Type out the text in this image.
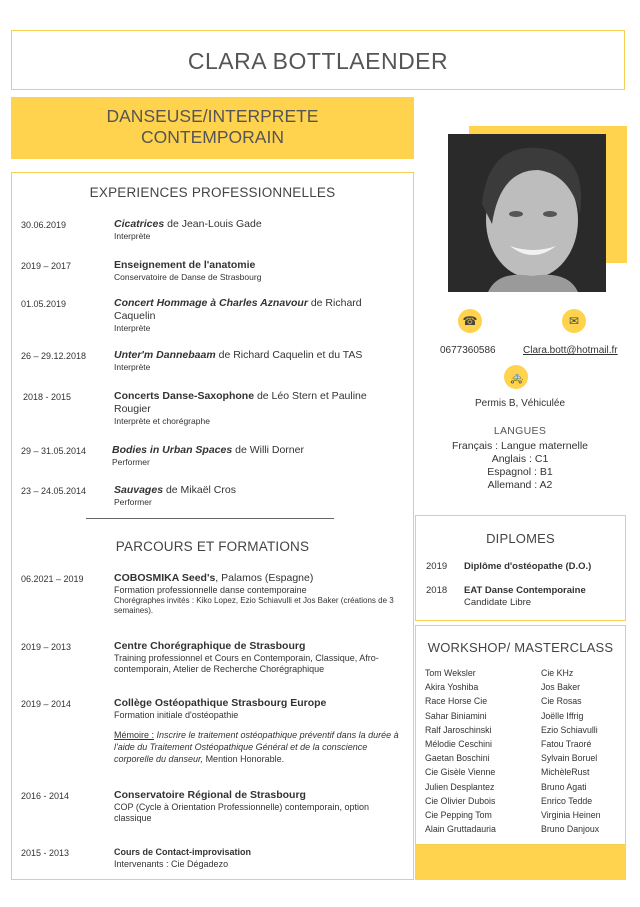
CLARA BOTTLAENDER
DANSEUSE/INTERPRETE
CONTEMPORAIN
EXPERIENCES PROFESSIONNELLES
30.06.2019	Cicatrices de Jean-Louis Gade
Interprète
2019 – 2017	Enseignement de l'anatomie
Conservatoire de Danse de Strasbourg
01.05.2019	Concert Hommage à Charles Aznavour de Richard Caquelin
Interprète
26 – 29.12.2018	Unter'm Dannebaam de Richard Caquelin et du TAS
Interprète
2018 - 2015	Concerts Danse-Saxophone de Léo Stern et Pauline Rougier
Interprète et chorégraphe
29 – 31.05.2014 Bodies in Urban Spaces de Willi Dorner
Performer
23 – 24.05.2014	Sauvages de Mikaël Cros
Performer
PARCOURS ET FORMATIONS
06.2021 – 2019	COBOSMIKA Seed's, Palamos (Espagne)
Formation professionnelle danse contemporaine
Chorégraphes invités : Kiko Lopez, Ezio Schiavulli et Jos Baker (créations de 3 semaines).
2019 – 2013	Centre Chorégraphique de Strasbourg
Training professionnel et Cours en Contemporain, Classique, Afro-contemporain, Atelier de Recherche Chorégraphique
2019 – 2014	Collège Ostéopathique Strasbourg Europe
Formation initiale d'ostéopathie
Mémoire : Inscrire le traitement ostéopathique préventif dans la durée à l'aide du Traitement Ostéopathique Général et de la conscience corporelle du danseur, Mention Honorable.
2016 - 2014	Conservatoire Régional de Strasbourg
COP (Cycle à Orientation Professionnelle) contemporain, option classique
2015 - 2013	Cours de Contact-improvisation
Intervenants : Cie Dégadezo
☎	✉
0677360586	Clara.bott@hotmail.fr
🚕
Permis B, Véhiculée
LANGUES
Français : Langue maternelle
Anglais : C1
Espagnol : B1
Allemand : A2
DIPLOMES
2019 Diplôme d'ostéopathe (D.O.)
2018 EAT Danse Contemporaine
Candidate Libre
WORKSHOP/ MASTERCLASS
Tom Weksler
Akira Yoshiba
Race Horse Cie
Sahar Biniamini
Ralf Jaroschinski
Mélodie Ceschini
Gaetan Boschini
Cie Gisèle Vienne
Julien Desplantez
Cie Olivier Dubois
Cie Pepping Tom
Alain Gruttadauria
Cie KHz
Jos Baker
Cie Rosas
Joëlle Iffrig
Ezio Schiavulli
Fatou Traoré
Sylvain Boruel
MichèleRust
Bruno Agati
Enrico Tedde
Virginia Heinen
Bruno Danjoux
